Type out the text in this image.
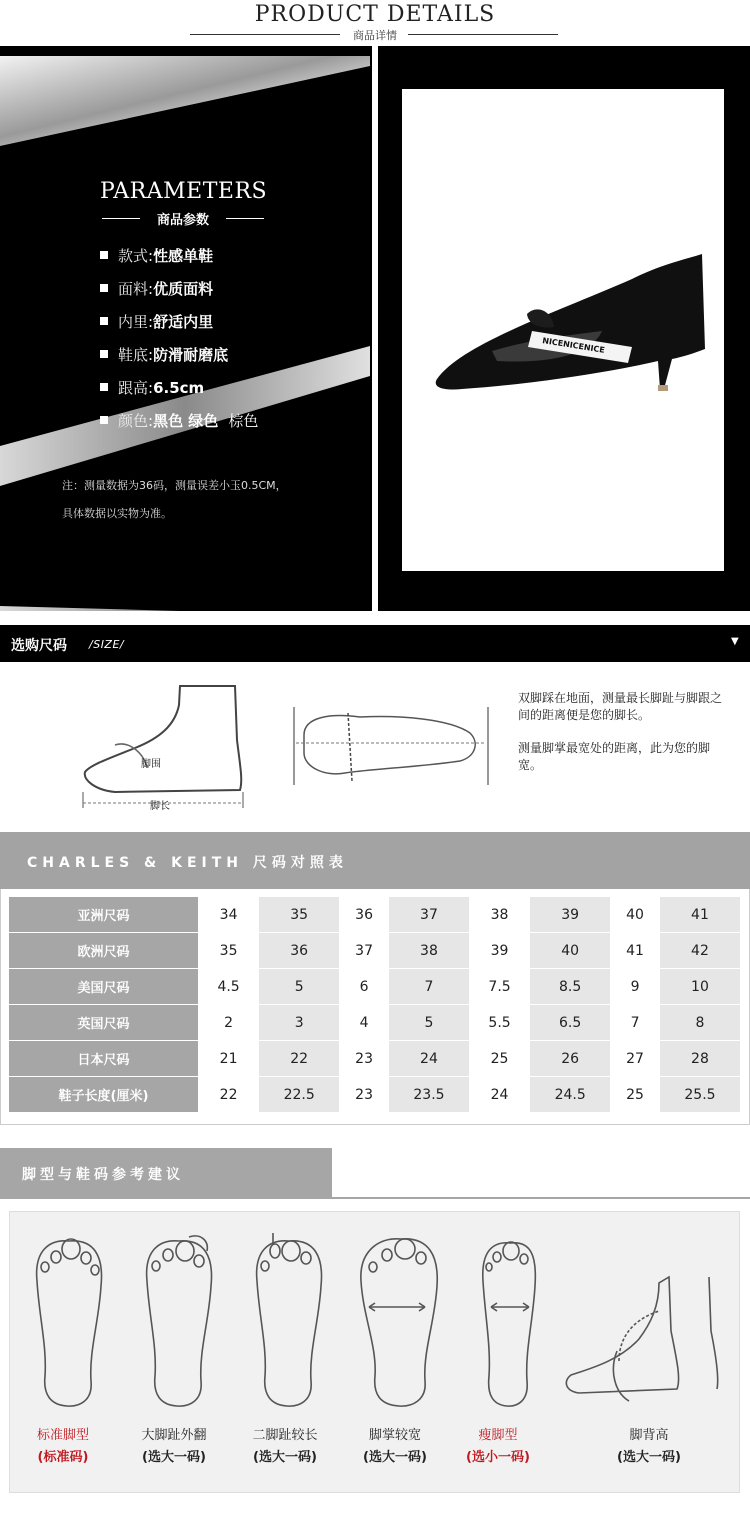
PRODUCT DETAILS
商品详情
NICENICENICE
PARAMETERS
商品参数
款式:性感单鞋
面料:优质面料
内里:舒适内里
鞋底:防滑耐磨底
跟高:6.5cm
颜色:黑色 绿色 棕色
注：测量数据为36码，测量误差小玉0.5CM，
具体数据以实物为准。
选购尺码 /SIZE/	▼
脚围
脚长
双脚踩在地面，测量最长脚趾与脚跟之间的距离便是您的脚长。
测量脚掌最宽处的距离，此为您的脚宽。
CHARLES & KEITH 尺码对照表
亚洲尺码	34	35	36	37	38	39	40	41
欧洲尺码	35	36	37	38	39	40	41	42
美国尺码	4.5	5	6	7	7.5	8.5	9	10
英国尺码	2	3	4	5	5.5	6.5	7	8
日本尺码	21	22	23	24	25	26	27	28
鞋子长度(厘米)	22	22.5	23	23.5	24	24.5	25	25.5
脚型与鞋码参考建议
标准脚型
(标准码)
大脚趾外翻
(选大一码)
二脚趾较长
(选大一码)
脚掌较宽
(选大一码)
瘦脚型
(选小一码)
脚背高
(选大一码)
